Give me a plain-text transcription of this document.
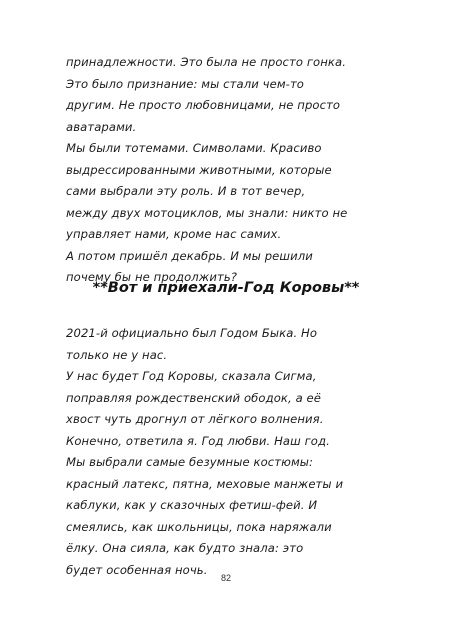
принадлежности. Это была не просто гонка.
Это было признание: мы стали чем-то
другим. Не просто любовницами, не просто
аватарами.
Мы были тотемами. Символами. Красиво
выдрессированными животными, которые
сами выбрали эту роль. И в тот вечер,
между двух мотоциклов, мы знали: никто не
управляет нами, кроме нас самих.
А потом пришёл декабрь. И мы решили
почему бы не продолжить?
**Вот и приехали-Год Коровы**
2021-й официально был Годом Быка. Но
только не у нас.
У нас будет Год Коровы, сказала Сигма,
поправляя рождественский ободок, а её
хвост чуть дрогнул от лёгкого волнения.
Конечно, ответила я. Год любви. Наш год.
Мы выбрали самые безумные костюмы:
красный латекс, пятна, меховые манжеты и
каблуки, как у сказочных фетиш-фей. И
смеялись, как школьницы, пока наряжали
ёлку. Она сияла, как будто знала: это
будет особенная ночь.
82
